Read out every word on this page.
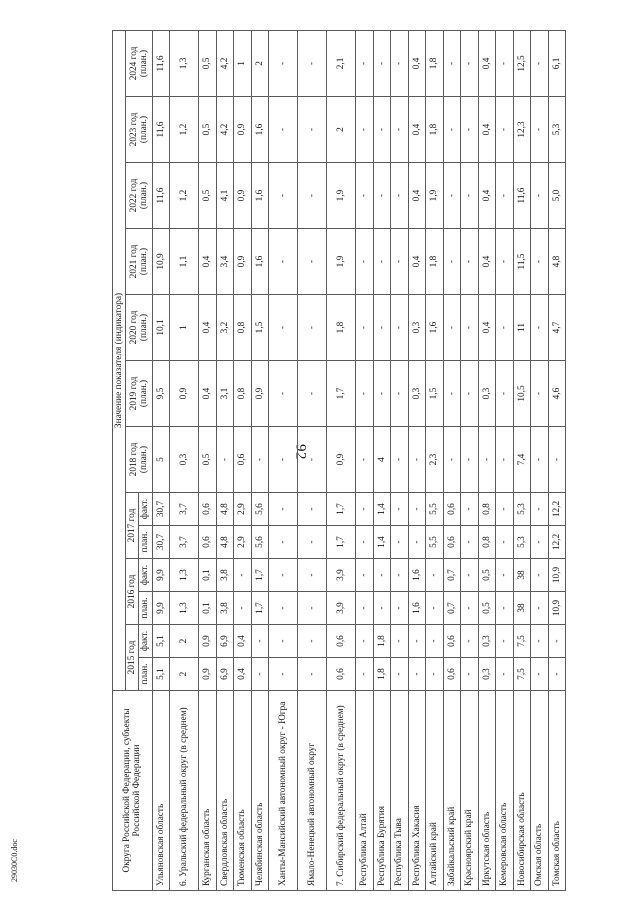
92
Округа Российской Федерации, субъекты Российской Федерации	Значение показателя (индикатора)												
	2015 год		2016 год		2017 год		2018 год (план.)	2019 год (план.)	2020 год (план.)	2021 год (план.)	2022 год (план.)	2023 год (план.)	2024 год (план.)
	план.	факт.	план.	факт.	план.	факт.							
Ульяновская область	5,1	5,1	9,9	9,9	30,7	30,7	5	9,5	10,1	10,9	11,6	11,6	11,6
6. Уральский федеральный округ (в среднем)	2	2	1,3	1,3	3,7	3,7	0,3	0,9	1	1,1	1,2	1,2	1,3
Курганская область	0,9	0,9	0,1	0,1	0,6	0,6	0,5	0,4	0,4	0,4	0,5	0,5	0,5
Свердловская область	6,9	6,9	3,8	3,8	4,8	4,8	-	3,1	3,2	3,4	4,1	4,2	4,2
Тюменская область	0,4	0,4	-	-	2,9	2,9	0,6	0,8	0,8	0,9	0,9	0,9	1
Челябинская область	-	-	1,7	1,7	5,6	5,6	-	0,9	1,5	1,6	1,6	1,6	2
Ханты-Мансийский автономный округ - Югра	-	-	-	-	-	-	-	-	-	-	-	-	-
Ямало-Ненецкий автономный округ	-	-	-	-	-	-	-	-	-	-	-	-	-
7. Сибирский федеральный округ (в среднем)	0,6	0,6	3,9	3,9	1,7	1,7	0,9	1,7	1,8	1,9	1,9	2	2,1
Республика Алтай	-	-	-	-	-	-	-	-	-	-	-	-	-
Республика Бурятия	1,8	1,8	-	-	1,4	1,4	4	-	-	-	-	-	-
Республика Тыва	-	-	-	-	-	-	-	-	-	-	-	-	-
Республика Хакасия	-	-	1,6	1,6	-	-	-	0,3	0,3	0,4	0,4	0,4	0,4
Алтайский край	-	-	-	-	5,5	5,5	2,3	1,5	1,6	1,8	1,9	1,8	1,8
Забайкальский край	0,6	0,6	0,7	0,7	0,6	0,6	-	-	-	-	-	-	-
Красноярский край	-	-	-	-	-	-	-	-	-	-	-	-	-
Иркутская область	0,3	0,3	0,5	0,5	0,8	0,8	-	0,3	0,4	0,4	0,4	0,4	0,4
Кемеровская область	-	-	-	-	-	-	-	-	-	-	-	-	-
Новосибирская область	7,5	7,5	38	38	5,3	5,3	7,4	10,5	11	11,5	11,6	12,3	12,5
Омская область	-	-	-	-	-	-	-	-	-	-	-	-	-
Томская область	-	-	10,9	10,9	12,2	12,2	-	4,6	4,7	4,8	5,0	5,3	6,1
29030C0.doc
